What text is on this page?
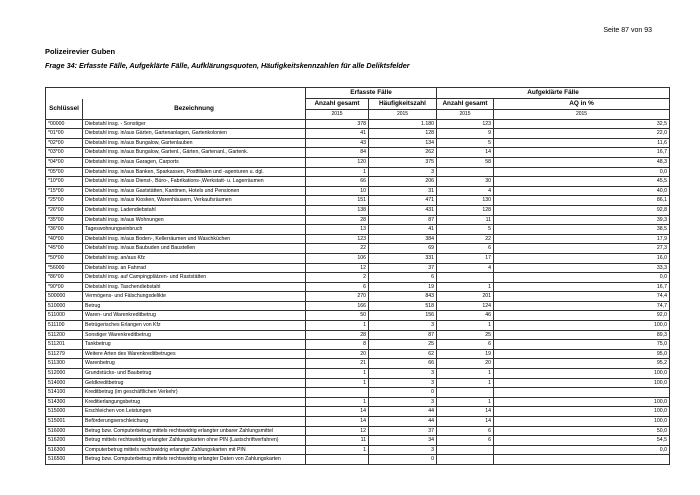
Seite 87 von 93
Polizeirevier Guben
Frage 34: Erfasste Fälle, Aufgeklärte Fälle, Aufklärungsquoten, Häufigkeitskennzahlen für alle Deliktsfelder
		Erfasste Fälle		Aufgeklärte Fälle	
Schlüssel	Bezeichnung	Anzahl gesamt	Häufigkeitszahl	Anzahl gesamt	AQ in %
		2015	2015	2015	2015
*00000	Diebstahl insg. - Sonstiger	378	1.180	123	32,5
*01*00	Diebstahl insg. in/aus Gärten, Gartenanlagen, Gartenkolonien	41	128	9	22,0
*02*00	Diebstahl insg. in/aus Bungalow, Gartenlauben	43	134	5	11,6
*03*00	Diebstahl insg. in/aus Bungalow, Gartenl., Gärten, Gartenanl., Gartenk.	84	262	14	16,7
*04*00	Diebstahl insg. in/aus Garagen, Carports	120	375	58	48,3
*05*00	Diebstahl insg. in/aus Banken, Sparkassen, Postfilialen und -agenturen u. dgl.	1	3		0,0
*10*00	Diebstahl insg. in/aus Dienst-, Büro-, Fabrikations-,Werkstatt- u. Lagerräumen	66	206	30	45,5
*15*00	Diebstahl insg. in/aus Gaststätten, Kantinen, Hotels und Pensionen	10	31	4	40,0
*25*00	Diebstahl insg. in/aus Kiosken, Warenhäusern, Verkaufsräumen	151	471	130	86,1
*26*00	Diebstahl insg. Ladendiebstahl	138	431	128	92,8
*35*00	Diebstahl insg. in/aus Wohnungen	28	87	11	39,3
*36*00	Tageswohnungseinbruch	13	41	5	38,5
*40*00	Diebstahl insg. in/aus Boden-, Kellerräumen und Waschküchen	123	384	22	17,9
*45*00	Diebstahl insg. in/aus Baubuden und Baustellen	22	69	6	27,3
*50*00	Diebstahl insg. an/aus Kfz	106	331	17	16,0
*56000	Diebstahl insg. an Fahrrad	12	37	4	33,3
*86*00	Diebstahl insg. auf Campingplätzen- und Raststätten	2	6		0,0
*90*00	Diebstahl insg. Taschendiebstahl	6	19	1	16,7
500000	Vermögens- und Fälschungsdelikte	270	843	201	74,4
510000	Betrug	166	518	124	74,7
511000	Waren- und Warenkreditbetrug	50	156	46	92,0
511100	Betrügerisches Erlangen von Kfz	1	3	1	100,0
511200	Sonstiger Warenkreditbetrug	28	87	25	89,3
511201	Tankbetrug	8	25	6	75,0
511279	Weitere Arten des Warenkreditbetruges	20	62	19	95,0
511300	Warenbetrug	21	66	20	95,2
512000	Grundstücks- und Baubetrug	1	3	1	100,0
514000	Geldkreditbetrug	1	3	1	100,0
514100	Kreditbetrug (im geschäftlichen Verkehr)		0		
514300	Kreditierlangungsbetrug	1	3	1	100,0
515000	Erschleichen von Leistungen	14	44	14	100,0
515001	Beförderungserschleichung	14	44	14	100,0
516000	Betrug bzw. Computerbetrug mittels rechtswidrig erlangter unbarer Zahlungsmittel	12	37	6	50,0
516200	Betrug mittels rechtswidrig erlangter Zahlungskarten ohne PIN (Lastschriftverfahren)	11	34	6	54,5
516300	Computerbetrug mittels rechtswidrig erlangter Zahlungskarten mit PIN	1	3		0,0
516500	Betrug bzw. Computerbetrug mittels rechtswidrig erlangter Daten von Zahlungskarten		0		
